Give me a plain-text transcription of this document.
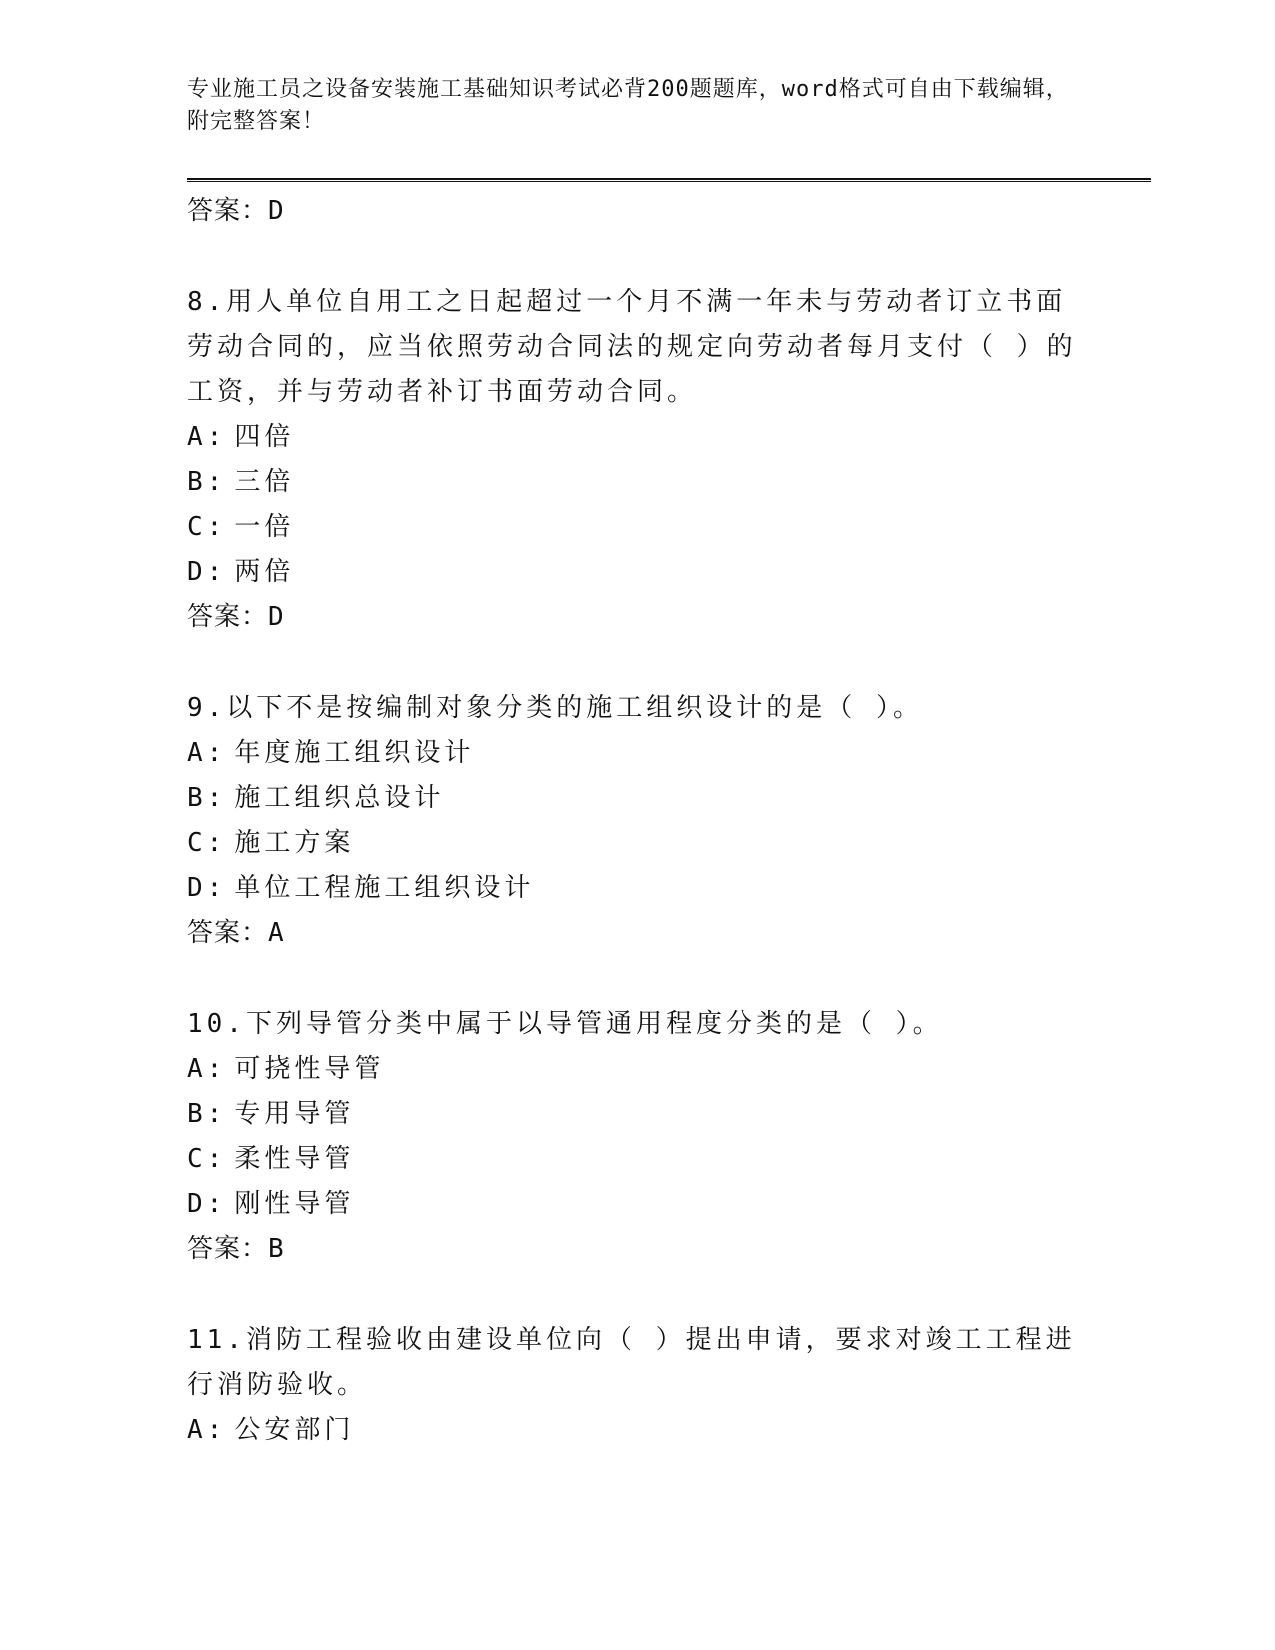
专业施工员之设备安装施工基础知识考试必背200题题库，word格式可自由下载编辑，附完整答案！

答案：D

8.用人单位自用工之日起超过一个月不满一年未与劳动者订立书面劳动合同的，应当依照劳动合同法的规定向劳动者每月支付（ ）的工资，并与劳动者补订书面劳动合同。

A: 四倍

B: 三倍

C: 一倍

D: 两倍

答案：D

9.以下不是按编制对象分类的施工组织设计的是（ ）。

A: 年度施工组织设计

B: 施工组织总设计

C: 施工方案

D: 单位工程施工组织设计

答案：A

10.下列导管分类中属于以导管通用程度分类的是（ ）。

A: 可挠性导管

B: 专用导管

C: 柔性导管

D: 刚性导管

答案：B

11.消防工程验收由建设单位向（ ）提出申请，要求对竣工工程进行消防验收。

A: 公安部门
